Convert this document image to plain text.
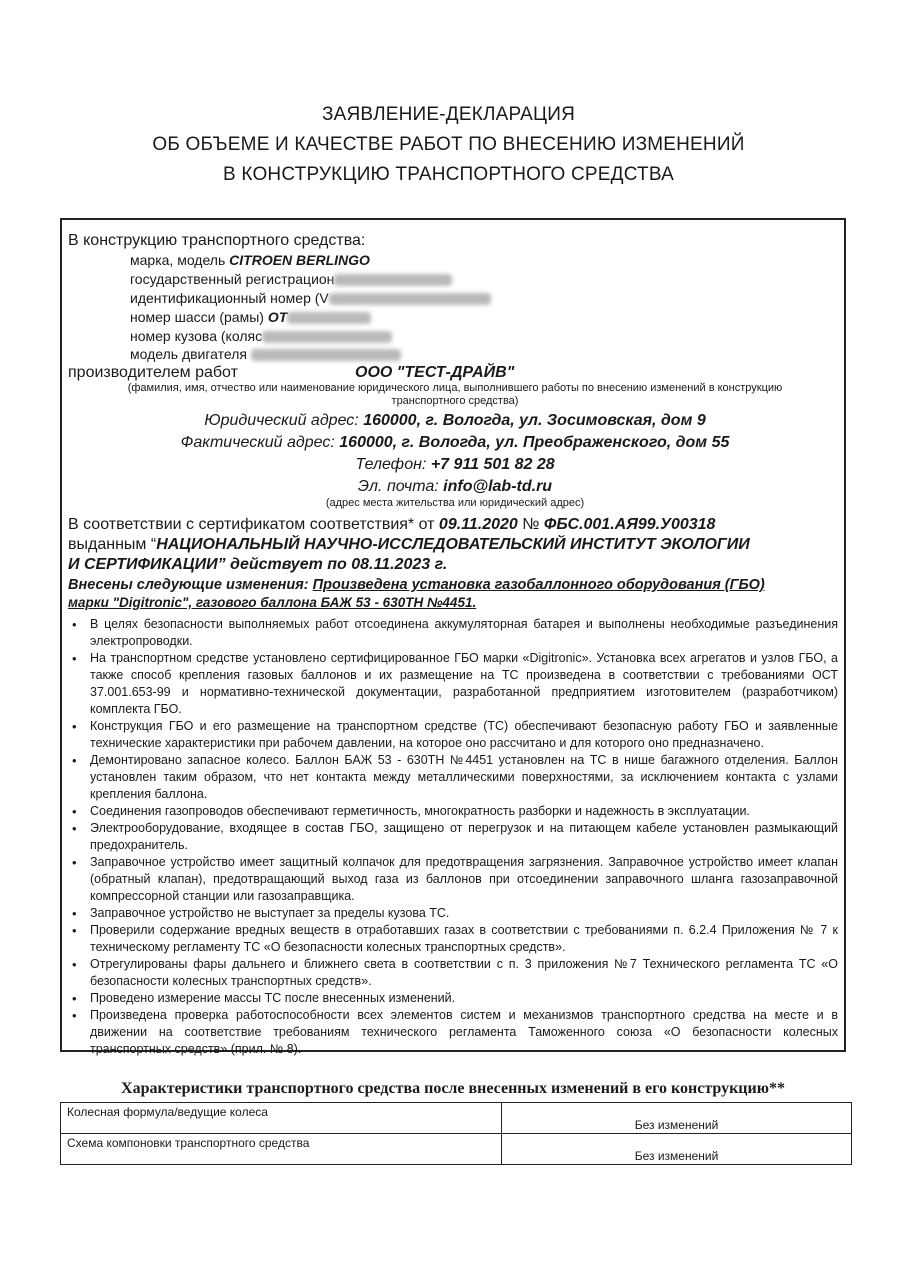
ЗАЯВЛЕНИЕ-ДЕКЛАРАЦИЯ
ОБ ОБЪЕМЕ И КАЧЕСТВЕ РАБОТ ПО ВНЕСЕНИЮ ИЗМЕНЕНИЙ
В КОНСТРУКЦИЮ ТРАНСПОРТНОГО СРЕДСТВА
В конструкцию транспортного средства:
марка, модель CITROEN BERLINGO
государственный регистрацион
идентификационный номер (V
номер шасси (рамы) ОТ
номер кузова (коляс
модель двигателя
производителем работ	ООО "ТЕСТ-ДРАЙВ"
(фамилия, имя, отчество или наименование юридического лица, выполнившего работы по внесению изменений в конструкцию
транспортного средства)
Юридический адрес: 160000, г. Вологда, ул. Зосимовская, дом 9
Фактический адрес: 160000, г. Вологда, ул. Преображенского, дом 55
Телефон: +7 911 501 82 28
Эл. почта: info@lab-td.ru
(адрес места жительства или юридический адрес)
В соответствии с сертификатом соответствия* от 09.11.2020 № ФБС.001.АЯ99.У00318
выданным “НАЦИОНАЛЬНЫЙ НАУЧНО-ИССЛЕДОВАТЕЛЬСКИЙ ИНСТИТУТ ЭКОЛОГИИ
И СЕРТИФИКАЦИИ” действует по 08.11.2023 г.
Внесены следующие изменения: Произведена установка газобаллонного оборудования (ГБО)
марки "Digitronic", газового баллона БАЖ 53 - 630ТН №4451.
• В целях безопасности выполняемых работ отсоединена аккумуляторная батарея и выполнены необходимые разъединения электропроводки.
• На транспортном средстве установлено сертифицированное ГБО марки «Digitronic». Установка всех агрегатов и узлов ГБО, а также способ крепления газовых баллонов и их размещение на ТС произведена в соответствии с требованиями ОСТ 37.001.653-99 и нормативно-технической документации, разработанной предприятием изготовителем (разработчиком) комплекта ГБО.
• Конструкция ГБО и его размещение на транспортном средстве (ТС) обеспечивают безопасную работу ГБО и заявленные технические характеристики при рабочем давлении, на которое оно рассчитано и для которого оно предназначено.
• Демонтировано запасное колесо. Баллон БАЖ 53 - 630ТН №4451 установлен на ТС в нише багажного отделения. Баллон установлен таким образом, что нет контакта между металлическими поверхностями, за исключением контакта с узлами крепления баллона.
• Соединения газопроводов обеспечивают герметичность, многократность разборки и надежность в эксплуатации.
• Электрооборудование, входящее в состав ГБО, защищено от перегрузок и на питающем кабеле установлен размыкающий предохранитель.
• Заправочное устройство имеет защитный колпачок для предотвращения загрязнения. Заправочное устройство имеет клапан (обратный клапан), предотвращающий выход газа из баллонов при отсоединении заправочного шланга газозаправочной компрессорной станции или газозаправщика.
• Заправочное устройство не выступает за пределы кузова ТС.
• Проверили содержание вредных веществ в отработавших газах в соответствии с требованиями п. 6.2.4 Приложения № 7 к техническому регламенту ТС «О безопасности колесных транспортных средств».
• Отрегулированы фары дальнего и ближнего света в соответствии с п. 3 приложения №7 Технического регламента ТС «О безопасности колесных транспортных средств».
• Проведено измерение массы ТС после внесенных изменений.
• Произведена проверка работоспособности всех элементов систем и механизмов транспортного средства на месте и в движении на соответствие требованиям технического регламента Таможенного союза «О безопасности колесных транспортных средств» (прил. № 8).
Характеристики транспортного средства после внесенных изменений в его конструкцию**
Колесная формула/ведущие колеса	Без изменений
Схема компоновки транспортного средства	Без изменений
